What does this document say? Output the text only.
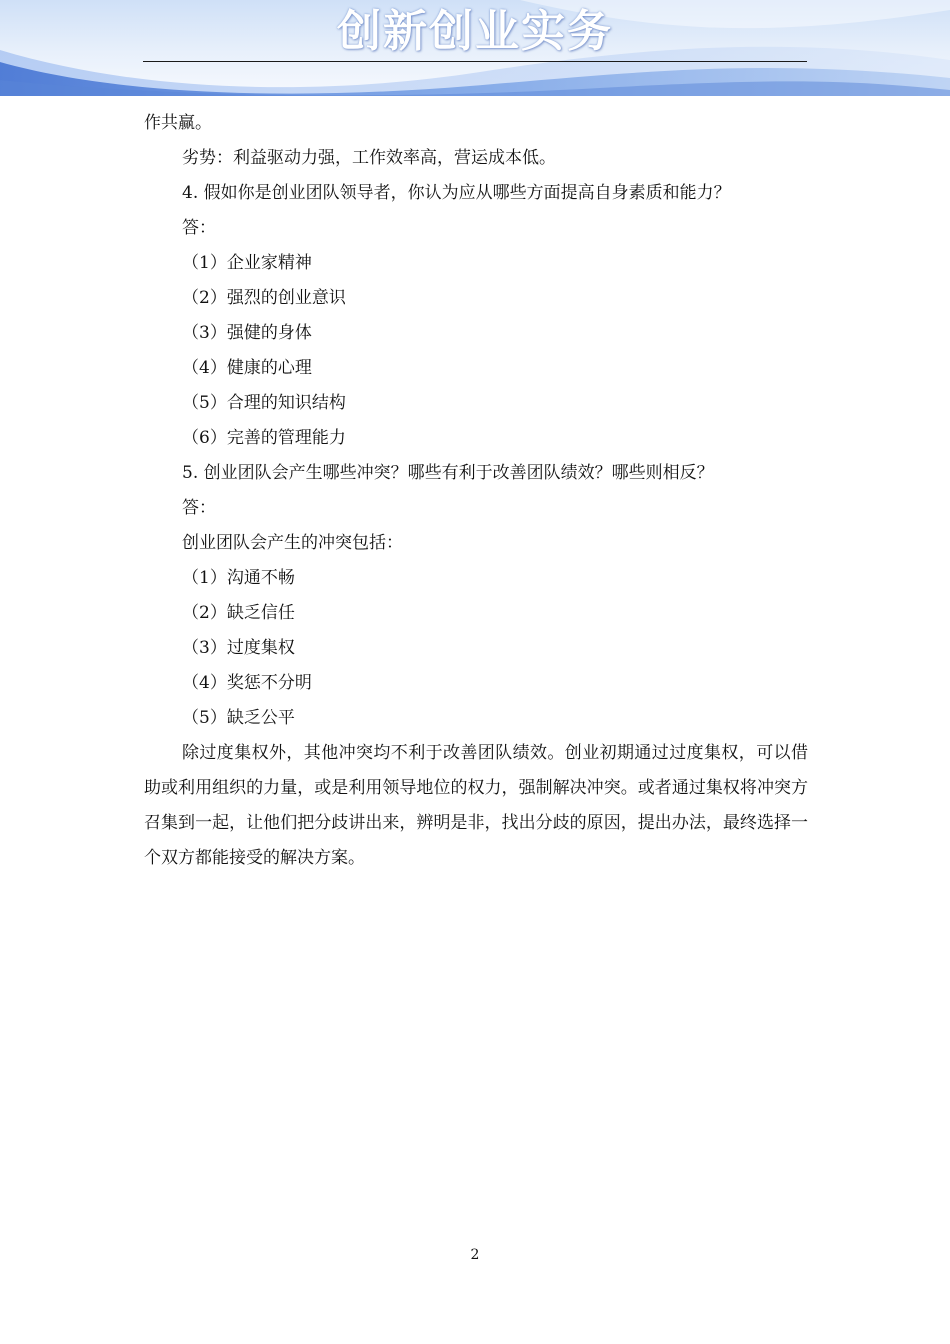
创新创业实务

作共赢。

劣势：利益驱动力强，工作效率高，营运成本低。

4. 假如你是创业团队领导者，你认为应从哪些方面提高自身素质和能力？

答：

（1）企业家精神

（2）强烈的创业意识

（3）强健的身体

（4）健康的心理

（5）合理的知识结构

（6）完善的管理能力

5. 创业团队会产生哪些冲突？哪些有利于改善团队绩效？哪些则相反？

答：

创业团队会产生的冲突包括：

（1）沟通不畅

（2）缺乏信任

（3）过度集权

（4）奖惩不分明

（5）缺乏公平

除过度集权外，其他冲突均不利于改善团队绩效。创业初期通过过度集权，可以借助或利用组织的力量，或是利用领导地位的权力，强制解决冲突。或者通过集权将冲突方召集到一起，让他们把分歧讲出来，辨明是非，找出分歧的原因，提出办法，最终选择一个双方都能接受的解决方案。

2
